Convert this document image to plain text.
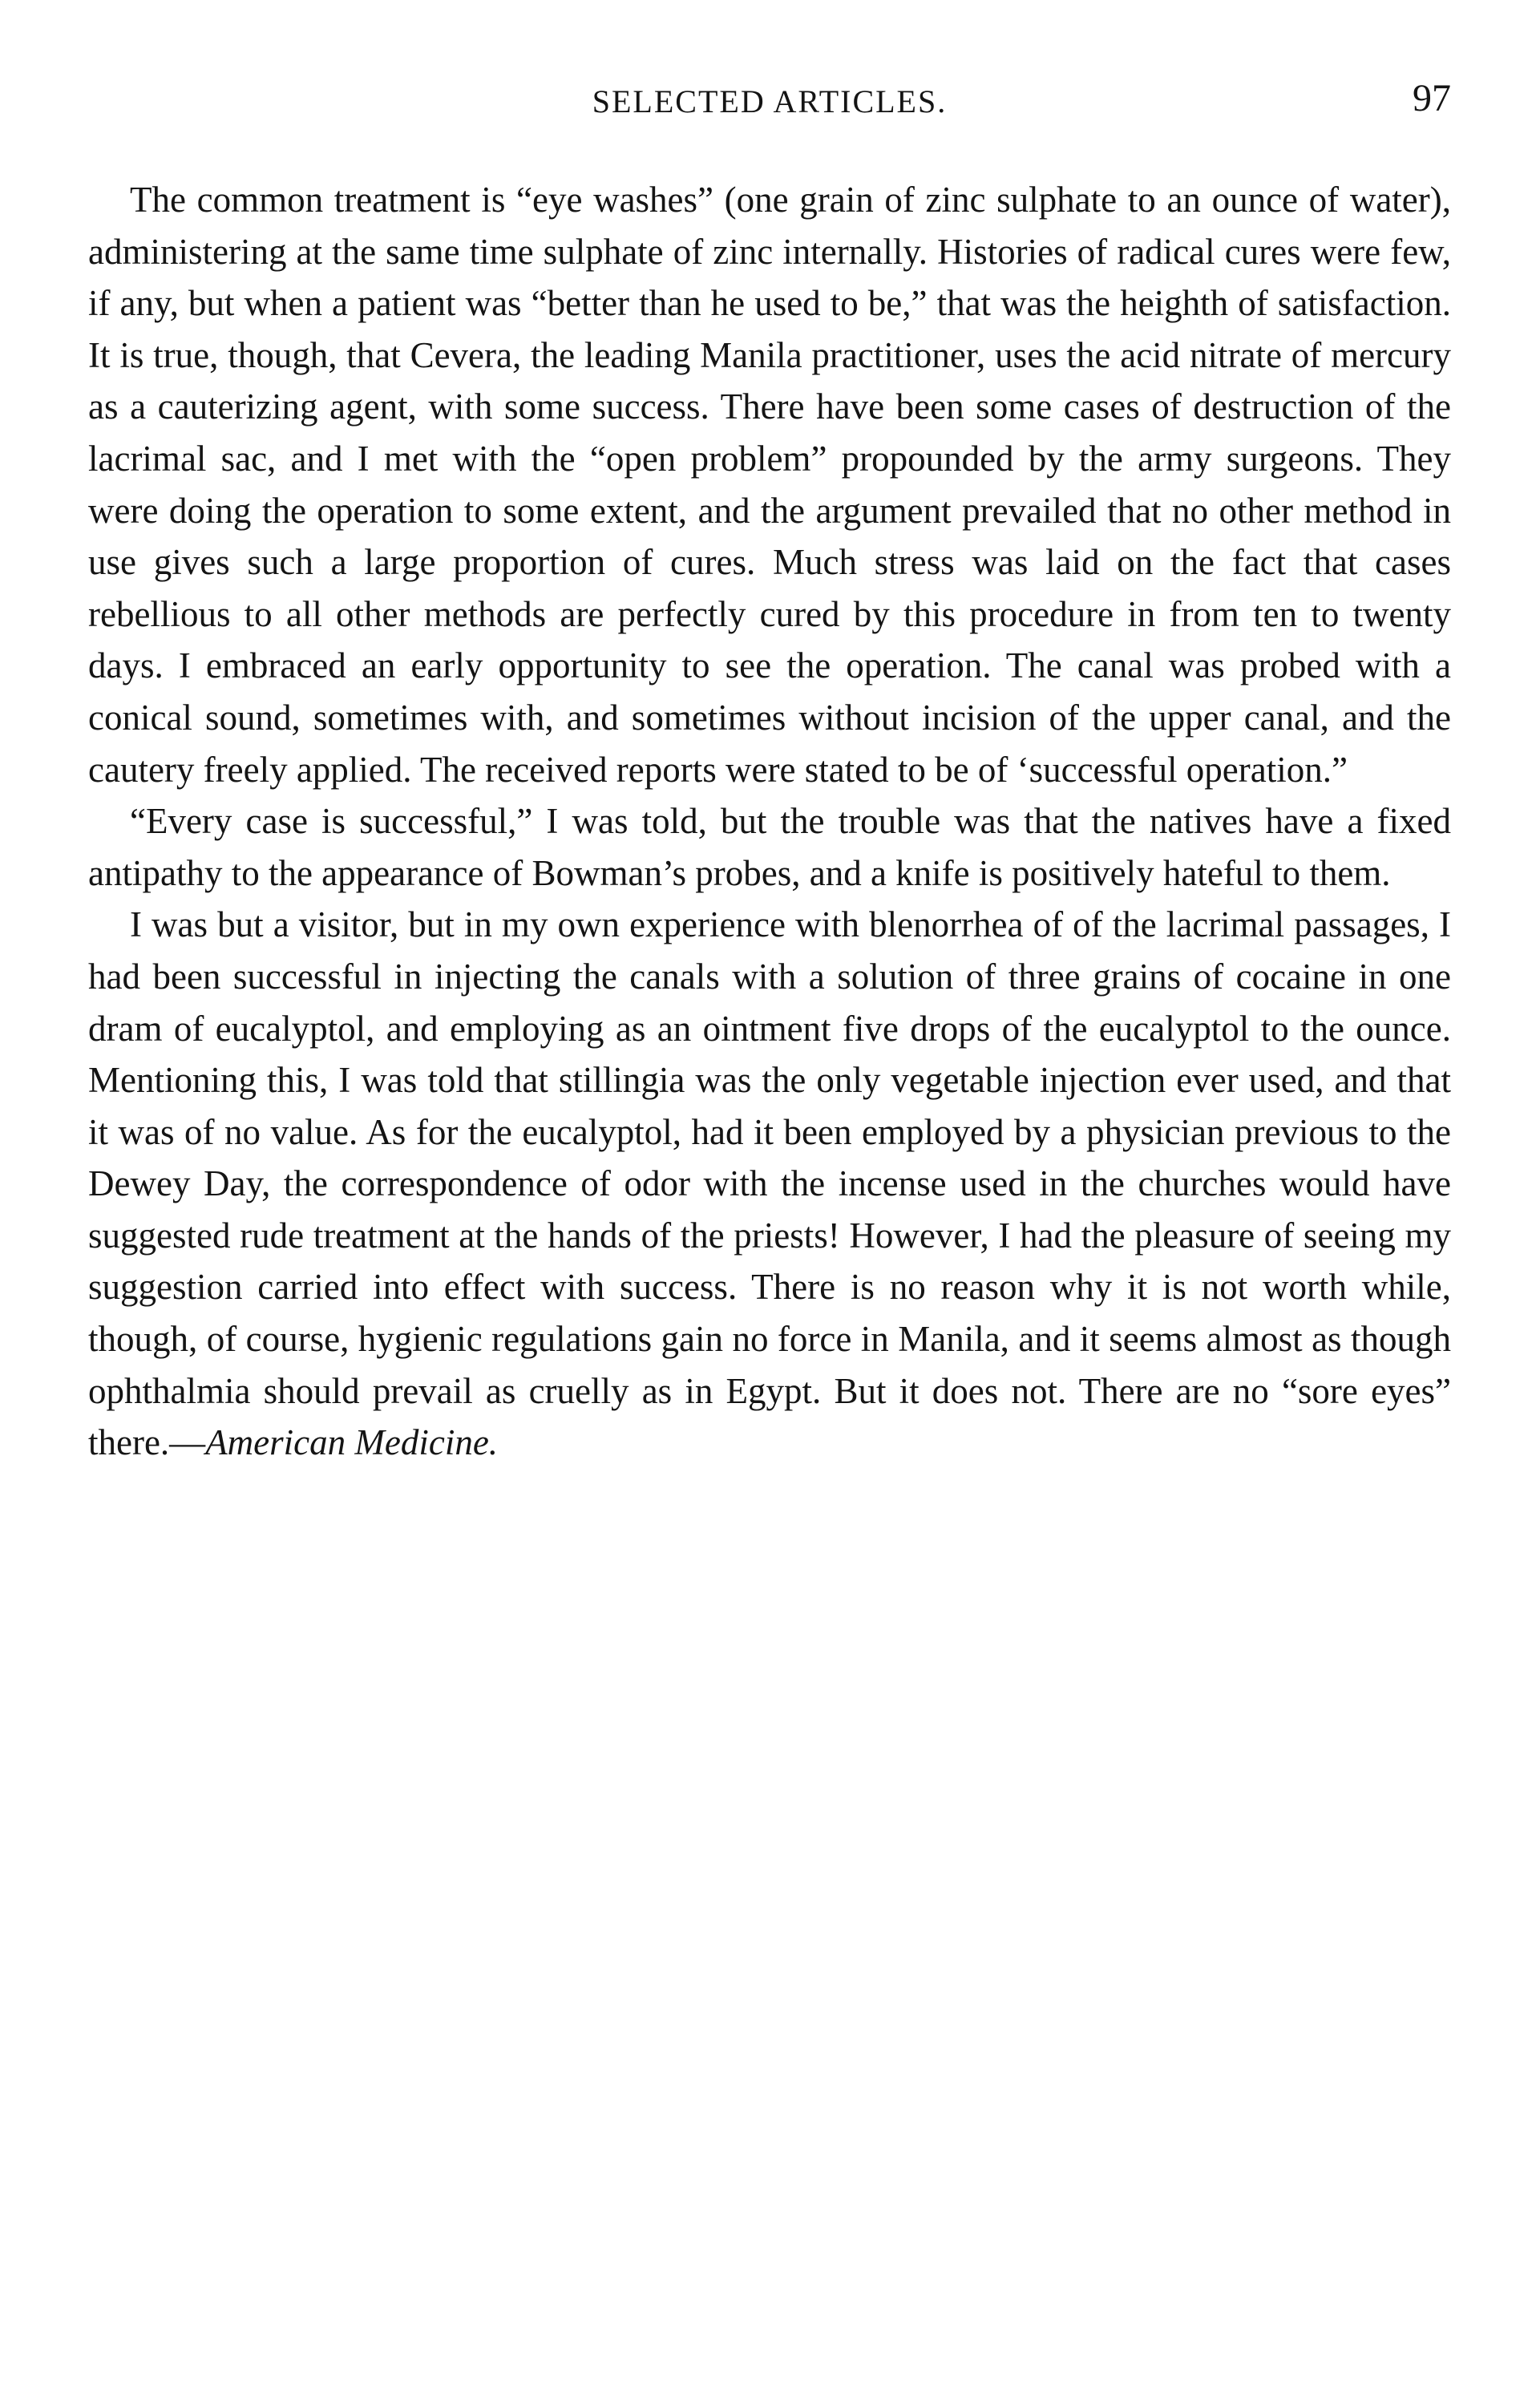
SELECTED ARTICLES.	97

The common treatment is “eye washes” (one grain of zinc sulphate to an ounce of water), administering at the same time sulphate of zinc internally. Histories of radical cures were few, if any, but when a patient was “better than he used to be,” that was the heighth of satisfaction. It is true, though, that Cevera, the leading Manila practitioner, uses the acid nitrate of mercury as a cauterizing agent, with some success. There have been some cases of destruction of the lacrimal sac, and I met with the “open problem” propounded by the army surgeons. They were doing the operation to some extent, and the argument prevailed that no other method in use gives such a large proportion of cures. Much stress was laid on the fact that cases rebellious to all other methods are perfectly cured by this procedure in from ten to twenty days. I embraced an early opportunity to see the operation. The canal was probed with a conical sound, sometimes with, and sometimes without incision of the upper canal, and the cautery freely applied. The received reports were stated to be of ‘successful operation.”

“Every case is successful,” I was told, but the trouble was that the natives have a fixed antipathy to the appearance of Bowman’s probes, and a knife is positively hateful to them.

I was but a visitor, but in my own experience with blenorrhea of of the lacrimal passages, I had been successful in injecting the canals with a solution of three grains of cocaine in one dram of eucalyptol, and employing as an ointment five drops of the eucalyptol to the ounce. Mentioning this, I was told that stillingia was the only vegetable injection ever used, and that it was of no value. As for the eucalyptol, had it been employed by a physician previous to the Dewey Day, the correspondence of odor with the incense used in the churches would have suggested rude treatment at the hands of the priests! However, I had the pleasure of seeing my suggestion carried into effect with success. There is no reason why it is not worth while, though, of course, hygienic regulations gain no force in Manila, and it seems almost as though ophthalmia should prevail as cruelly as in Egypt. But it does not. There are no “sore eyes” there.—American Medicine.
